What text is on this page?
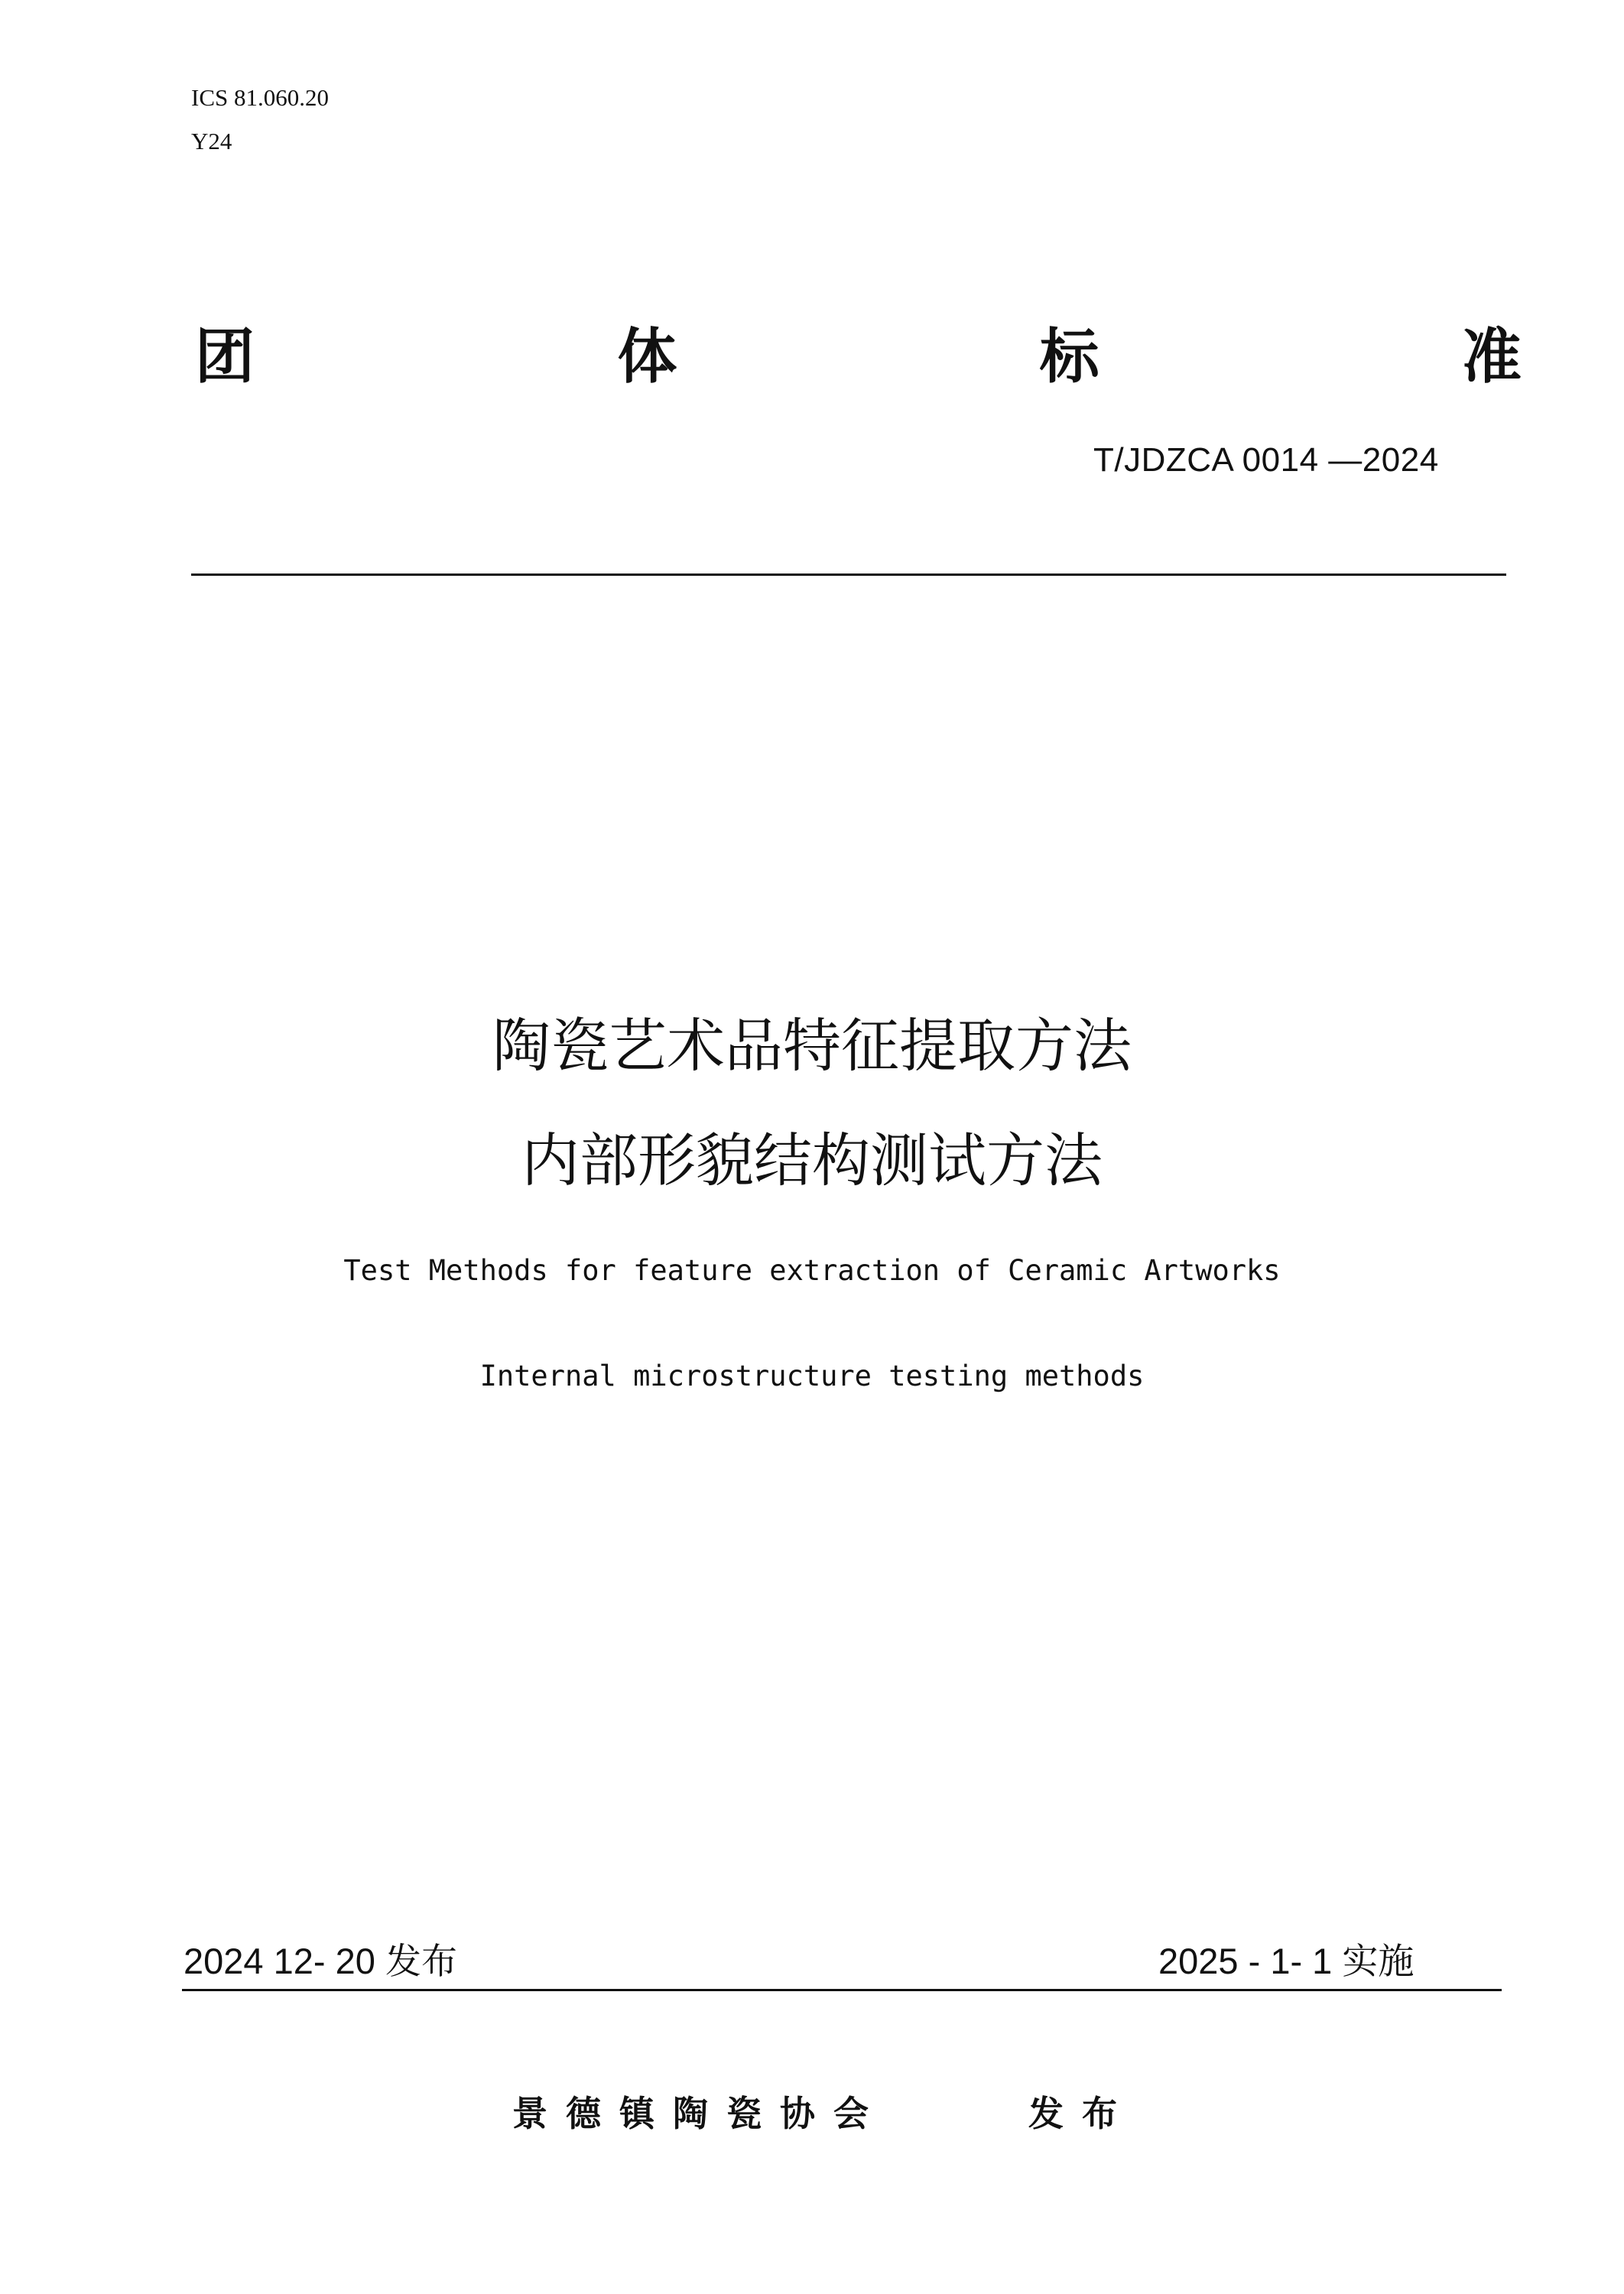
ICS 81.060.20
Y24
团	体	标	准
T/JDZCA 0014 —2024
陶瓷艺术品特征提取方法
内部形貌结构测试方法
Test Methods for feature extraction of Ceramic Artworks
Internal microstructure testing methods
2024 12- 20 发布	2025 - 1- 1 实施
景德镇陶瓷协会	发布
